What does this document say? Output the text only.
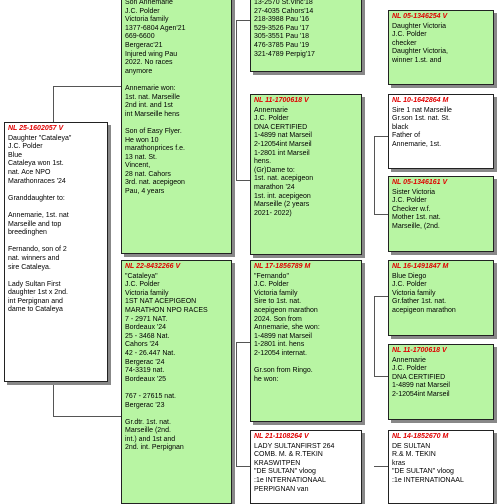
NL 25-1602057 V
Daughter "Cataleya"
J.C. Polder
Blue
Cataleya won 1st.
nat. Ace NPO
Marathonraces '24
Granddaughter to:
Annemarie, 1st. nat
Marseille and top
breedinghen
Fernando, son of 2
nat. winners and
sire Cataleya.
Lady Sultan First
daughter 1st x 2nd.
int Perpignan and
dame to Cataleya
Son Annemarie
J.C. Polder
Victoria family
1377-6804 Agen'21
669-6600
Bergerac'21
Injured wing Pau
2022. No races
anymore
Annemarie won:
1st. nat. Marseille
2nd int. and 1st
int Marseille hens
Son of Easy Flyer.
He won 10
marathonprices f.e.
13 nat. St.
Vincent,
28 nat. Cahors
3rd. nat. acepigeon
Pau, 4 years
NL 22-8432266 V
"Cataleya"
J.C. Polder
Victoria family
1ST NAT ACEPIGEON
MARATHON NPO RACES
7 - 2971 NAT.
Bordeaux '24
25 - 3468 Nat.
Cahors '24
42 - 26.447 Nat.
Bergerac '24
74-3319 nat.
Bordeaux '25
767 - 27615 nat.
Bergerac '23
Gr.dtr. 1st. nat.
Marseille (2nd.
int.) and 1st and
2nd. int. Perpignan
13-2570 St.Vinc'18
27-4035 Cahors'14
218-3988 Pau '16
529-3526 Pau '17
305-3551 Pau '18
476-3785 Pau '19
321-4789 Perpig'17
NL 11-1700618 V
Annemarie
J.C. Polder
DNA CERTIFIED
1-4899 nat Marseil
2-12054int Marseil
1-2801 int Marseil
hens.
(Gr)Dame to:
1st. nat. acepigeon
marathon '24
1st. int. acepigeon
Marseille (2 years
2021- 2022)
NL 17-1856789 M
"Fernando"
J.C. Polder
Victoria family
Sire to 1st. nat.
acepigeon marathon
2024. Son from
Annemarie, she won:
1-4899 nat Marseil
1-2801 int. hens
2-12054 internat.
Gr.son from Ringo.
he won:
NL 21-1108264 V
LADY SULTANFIRST 264
COMB. M. & R.TEKIN
KRASWITPEN
"DE SULTAN" vloog
:1e INTERNATIONAAL
PERPIGNAN van
NL 05-1346254 V
Daughter Victoria
J.C. Polder
checker
Daughter Victoria,
winner 1.st. and
NL 10-1642864 M
Sire 1 nat Marseille
Gr.son 1st. nat. St.
black
Father of
Annemarie, 1st.
NL 05-1346161 V
Sister Victoria
J.C. Polder
Checker w.f.
Mother 1st. nat.
Marseille, (2nd.
NL 16-1491847 M
Blue Diego
J.C. Polder
Victoria family
Gr.father 1st. nat.
acepigeon marathon
NL 11-1700618 V
Annemarie
J.C. Polder
DNA CERTIFIED
1-4899 nat Marseil
2-12054int Marseil
NL 14-1852670 M
DE SULTAN
R.& M. TEKIN
kras
"DE SULTAN" vloog
:1e INTERNATIONAAL
